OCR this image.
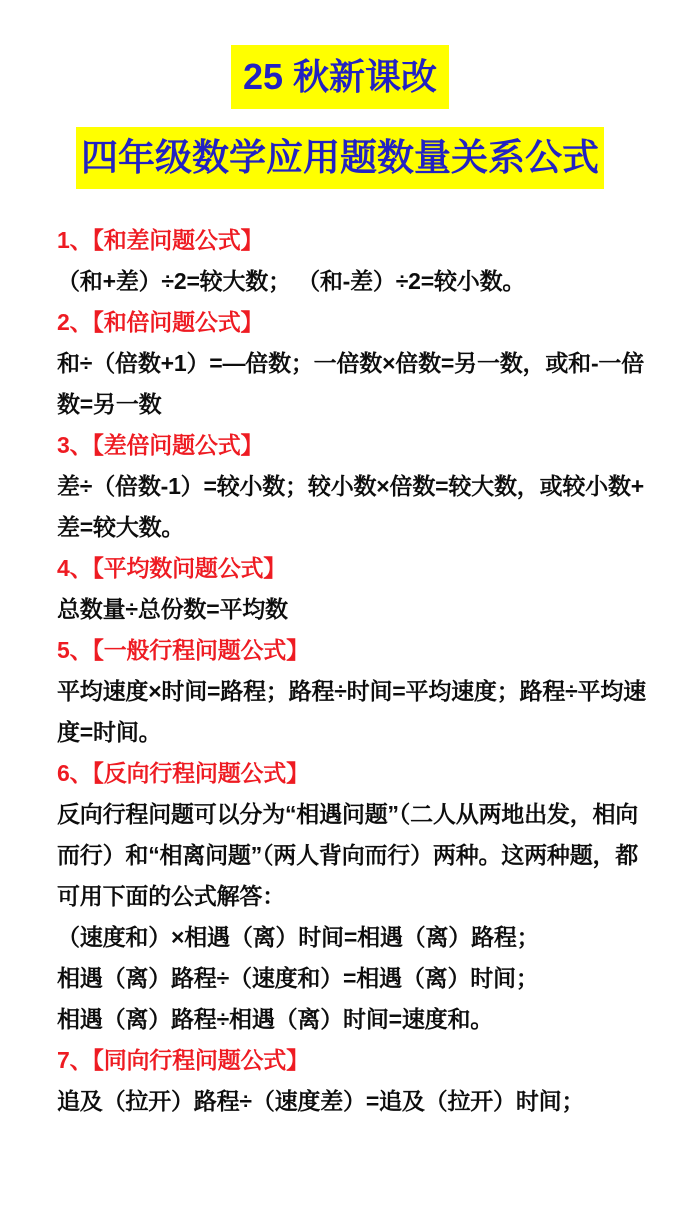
25 秋新课改
四年级数学应用题数量关系公式
1、【和差问题公式】
（和+差）÷2=较大数； （和-差）÷2=较小数。
2、【和倍问题公式】
和÷（倍数+1）=—倍数；一倍数×倍数=另一数，或和-一倍
数=另一数
3、【差倍问题公式】
差÷（倍数-1）=较小数；较小数×倍数=较大数，或较小数+
差=较大数。
4、【平均数问题公式】
总数量÷总份数=平均数
5、【一般行程问题公式】
平均速度×时间=路程；路程÷时间=平均速度；路程÷平均速
度=时间。
6、【反向行程问题公式】
反向行程问题可以分为“相遇问题”（二人从两地出发，相向
而行）和“相离问题”（两人背向而行）两种。这两种题，都
可用下面的公式解答：
（速度和）×相遇（离）时间=相遇（离）路程；
相遇（离）路程÷（速度和）=相遇（离）时间；
相遇（离）路程÷相遇（离）时间=速度和。
7、【同向行程问题公式】
追及（拉开）路程÷（速度差）=追及（拉开）时间；
